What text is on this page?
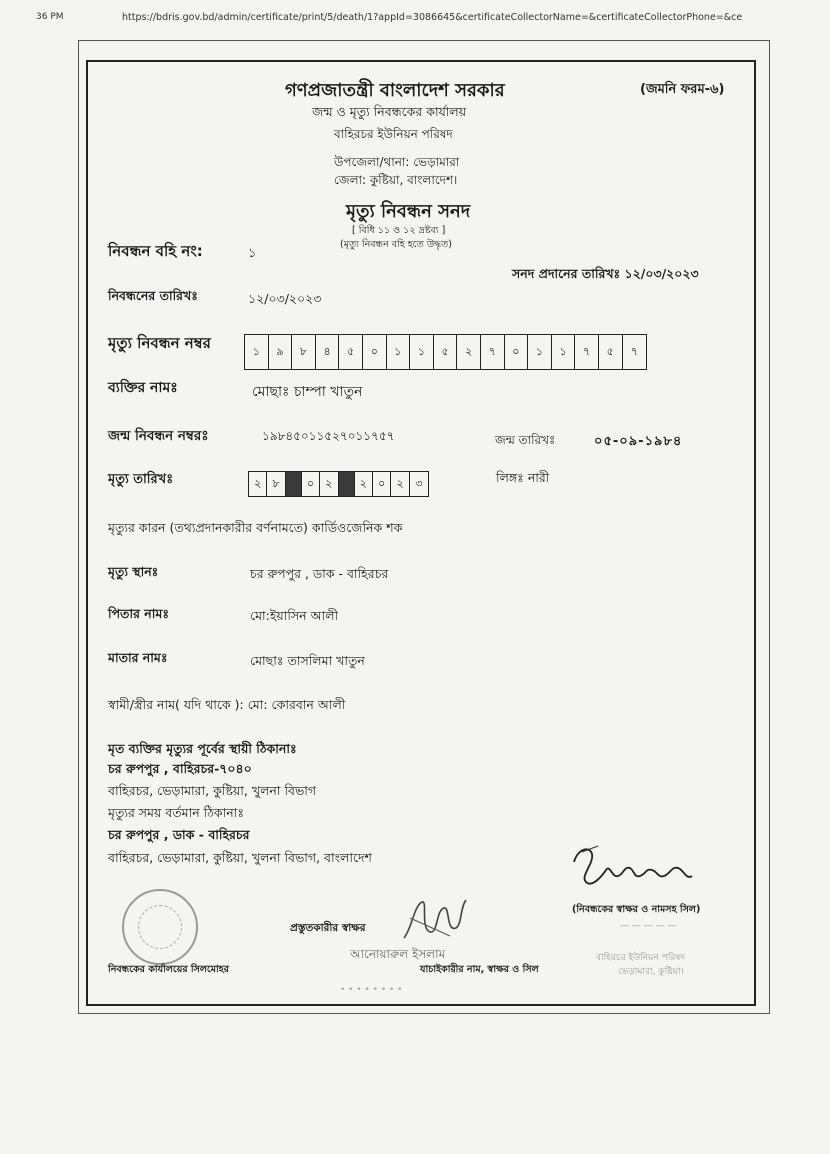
36 PM	https://bdris.gov.bd/admin/certificate/print/5/death/1?appId=3086645&certificateCollectorName=&certificateCollectorPhone=&ce
গণপ্রজাতন্ত্রী বাংলাদেশ সরকার	(জমনি ফরম-৬)
জন্ম ও মৃত্যু নিবন্ধকের কার্যালয়
বাহিরচর ইউনিয়ন পরিষদ
উপজেলা/থানা: ভেড়ামারা
জেলা: কুষ্টিয়া, বাংলাদেশ।
মৃত্যু নিবন্ধন সনদ
[ বিধি ১১ ও ১২ দ্রষ্টব্য ]
(মৃত্যু নিবন্ধন বহি হতে উদ্ধৃত)
নিবন্ধন বহি নং:	১
সনদ প্রদানের তারিখঃ ১২/০৩/২০২৩
নিবন্ধনের তারিখঃ	১২/০৩/২০২৩
মৃত্যু নিবন্ধন নম্বর	১	৯	৮	৪	৫	০	১	১	৫	২	৭	০	১	১	৭	৫	৭
ব্যক্তির নামঃ	মোছাঃ চাম্পা খাতুন
জন্ম নিবন্ধন নম্বরঃ	১৯৮৪৫০১১৫২৭০১১৭৫৭	জন্ম তারিখঃ	০৫-০৯-১৯৮৪
মৃত্যু তারিখঃ	২	৮	০	২	২	০	২	৩	লিঙ্গঃ নারী
মৃত্যুর কারন (তথ্যপ্রদানকারীর বর্ণনামতে) কার্ডিওজেনিক শক
মৃত্যু স্থানঃ	চর রুপপুর , ডাক - বাহিরচর
পিতার নামঃ	মো:ইয়াসিন আলী
মাতার নামঃ	মোছাঃ তাসলিমা খাতুন
স্বামী/স্ত্রীর নাম( যদি থাকে ): মো: কোরবান আলী
মৃত ব্যক্তির মৃত্যুর পূর্বের স্থায়ী ঠিকানাঃ
চর রুপপুর , বাহিরচর-৭০৪০
বাহিরচর, ভেড়ামারা, কুষ্টিয়া, খুলনা বিভাগ
মৃত্যুর সময় বর্তমান ঠিকানাঃ
চর রুপপুর , ডাক - বাহিরচর
বাহিরচর, ভেড়ামারা, কুষ্টিয়া, খুলনা বিভাগ, বাংলাদেশ
নিবন্ধকের কার্যালয়ের সিলমোহর
প্রস্তুতকারীর স্বাক্ষর
আনোয়ারুল ইসলাম
যাচাইকারীর নাম, স্বাক্ষর ও সিল
• • • • • • • •
(নিবন্ধকের স্বাক্ষর ও নামসহ সিল)
— — — — —
বাহিরচর ইউনিয়ন পরিষদ
ভেড়ামারা, কুষ্টিয়া।
